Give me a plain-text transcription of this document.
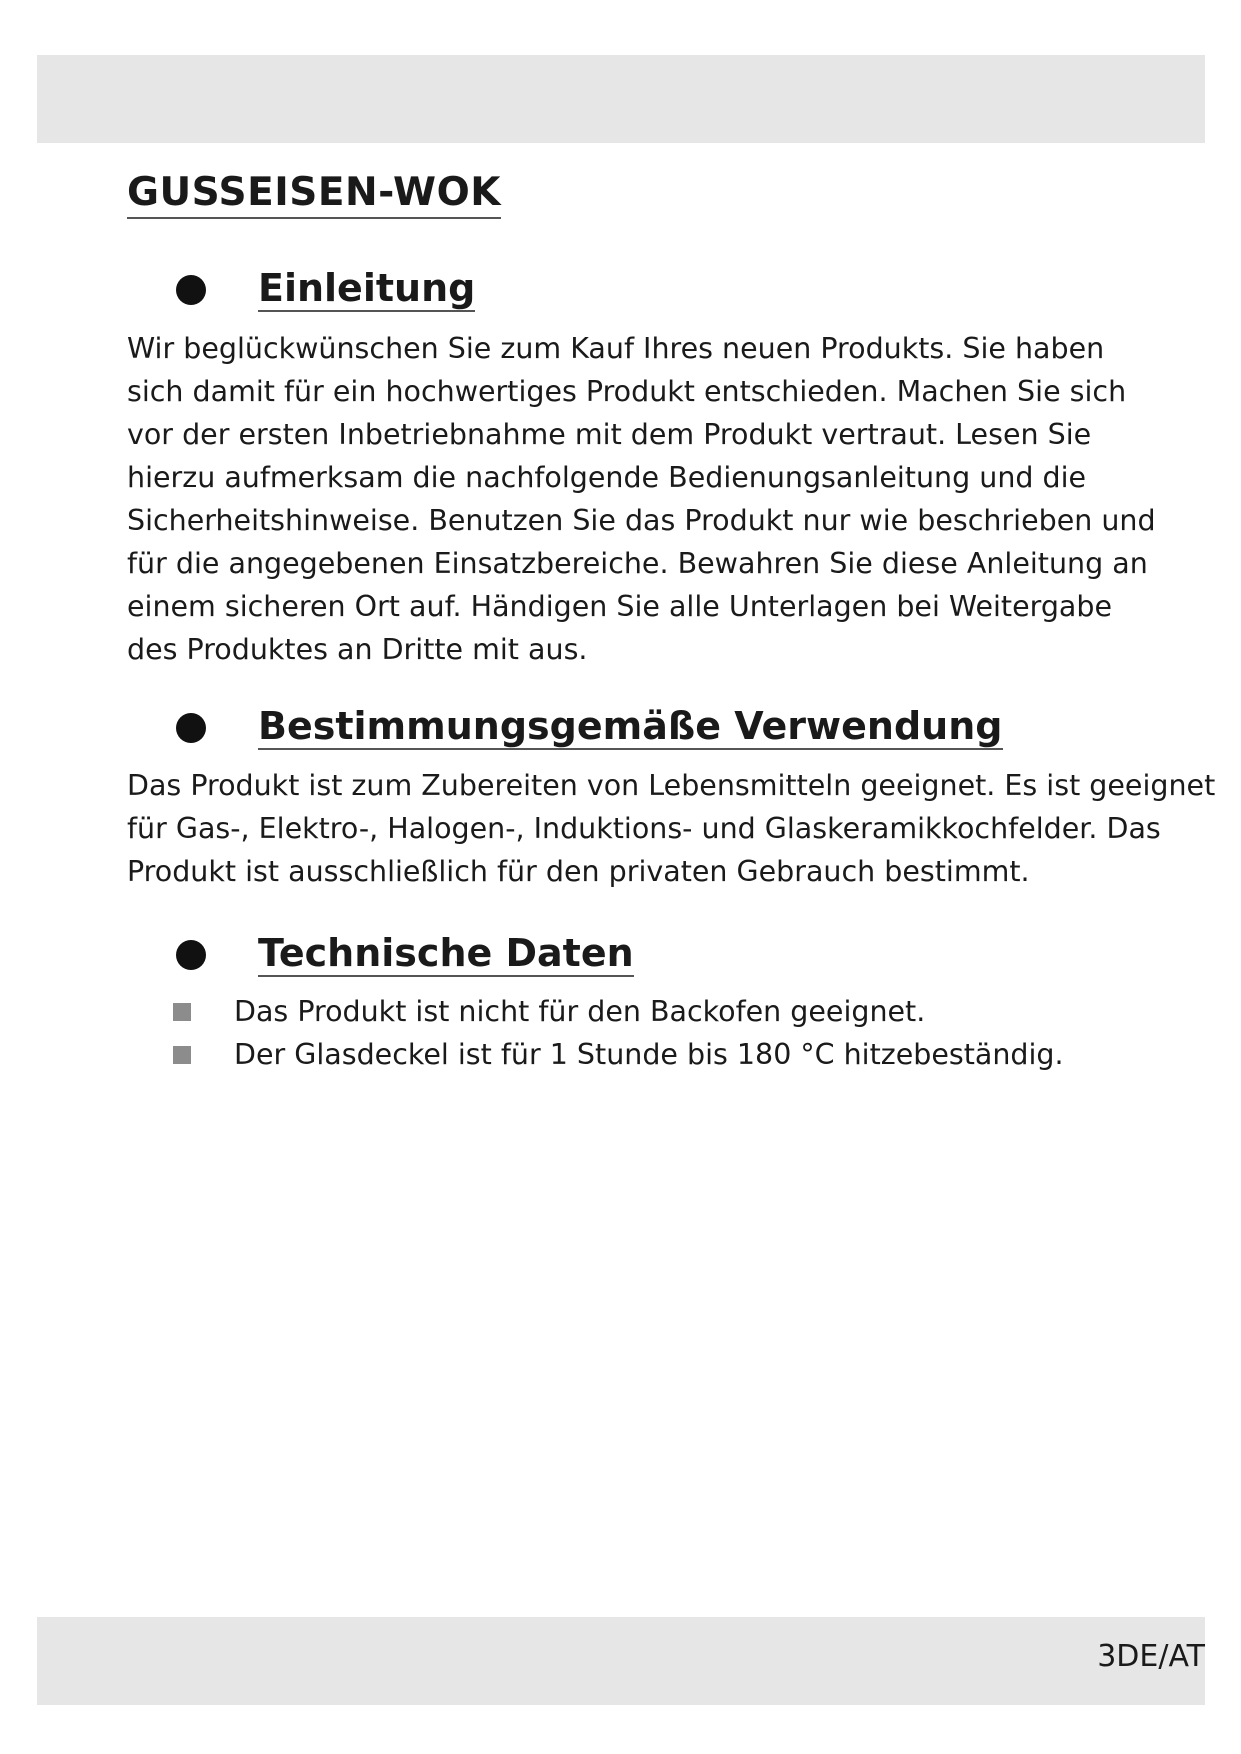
GUSSEISEN-WOK
Einleitung

Wir beglückwünschen Sie zum Kauf Ihres neuen Produkts. Sie haben
sich damit für ein hochwertiges Produkt entschieden. Machen Sie sich
vor der ersten Inbetriebnahme mit dem Produkt vertraut. Lesen Sie
hierzu aufmerksam die nachfolgende Bedienungsanleitung und die
Sicherheitshinweise. Benutzen Sie das Produkt nur wie beschrieben und
für die angegebenen Einsatzbereiche. Bewahren Sie diese Anleitung an
einem sicheren Ort auf. Händigen Sie alle Unterlagen bei Weitergabe
des Produktes an Dritte mit aus.

Bestimmungsgemäße Verwendung

Das Produkt ist zum Zubereiten von Lebensmitteln geeignet. Es ist geeignet
für Gas-, Elektro-, Halogen-, Induktions- und Glaskeramikkochfelder. Das
Produkt ist ausschließlich für den privaten Gebrauch bestimmt.

Technische Daten
Das Produkt ist nicht für den Backofen geeignet.
Der Glasdeckel ist für 1 Stunde bis 180 °C hitzebeständig.
3DE/AT
